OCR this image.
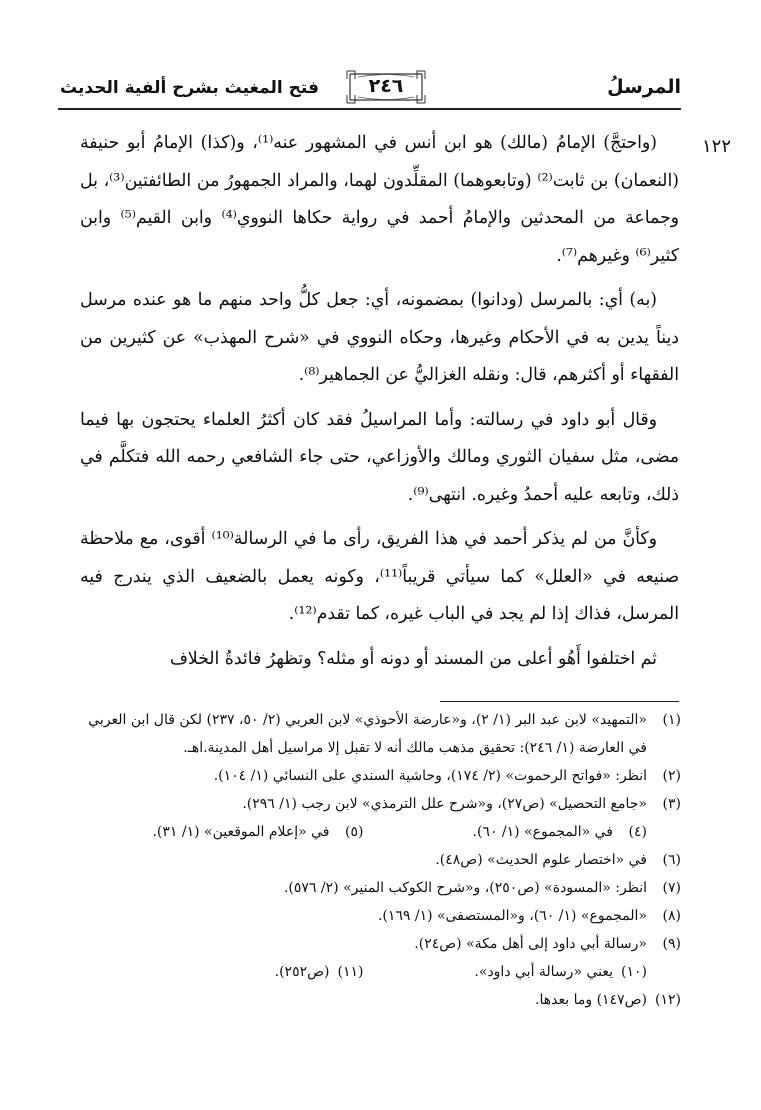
المرسلُ
٢٤٦
فتح المغيث بشرح ألفية الحديث
١٢٢

(واحتجَّ) الإمامُ (مالك) هو ابن أنس في المشهور عنه⁽¹⁾، و(كذا) الإمامُ أبو حنيفة (النعمان) بن ثابت⁽²⁾ (وتابعوهما) المقلِّدون لهما، والمراد الجمهورُ من الطائفتين⁽³⁾، بل وجماعة من المحدثين والإمامُ أحمد في رواية حكاها النووي⁽⁴⁾ وابن القيم⁽⁵⁾ وابن كثير⁽⁶⁾ وغيرهم⁽⁷⁾.

(به) أي: بالمرسل (ودانوا) بمضمونه، أي: جعل كلُّ واحد منهم ما هو عنده مرسل ديناً يدين به في الأحكام وغيرها، وحكاه النووي في «شرح المهذب» عن كثيرين من الفقهاء أو أكثرهم، قال: ونقله الغزاليُّ عن الجماهير⁽⁸⁾.

وقال أبو داود في رسالته: وأما المراسيلُ فقد كان أكثرُ العلماء يحتجون بها فيما مضى، مثل سفيان الثوري ومالك والأوزاعي، حتى جاء الشافعي رحمه الله فتكلَّم في ذلك، وتابعه عليه أحمدُ وغيره. انتهى⁽⁹⁾.

وكأنَّ من لم يذكر أحمد في هذا الفريق، رأى ما في الرسالة⁽¹⁰⁾ أقوى، مع ملاحظة صنيعه في «العلل» كما سيأتي قريباً⁽¹¹⁾، وكونه يعمل بالضعيف الذي يندرج فيه المرسل، فذاك إذا لم يجد في الباب غيره، كما تقدم⁽¹²⁾.

ثم اختلفوا أَهُو أعلى من المسند أو دونه أو مثله؟ وتظهرُ فائدةُ الخلاف

(١)
«التمهيد» لابن عبد البر (١/ ٢)، و«عارضة الأحوذي» لابن العربي (٢/ ٥٠، ٢٣٧) لكن قال ابن العربي في العارضة (١/ ٢٤٦): تحقيق مذهب مالك أنه لا تقبل إلا مراسيل أهل المدينة.اهـ.
(٢)
انظر: «فواتح الرحموت» (٢/ ١٧٤)، وحاشية السندي على النسائي (١/ ١٠٤).
(٣)
«جامع التحصيل» (ص٢٧)، و«شرح علل الترمذي» لابن رجب (١/ ٢٩٦).
(٤)
في «المجموع» (١/ ٦٠).
(٥)
في «إعلام الموقعين» (١/ ٣١).
(٦)
في «اختصار علوم الحديث» (ص٤٨).
(٧)
انظر: «المسودة» (ص٢٥٠)، و«شرح الكوكب المنير» (٢/ ٥٧٦).
(٨)
«المجموع» (١/ ٦٠)، و«المستصفى» (١/ ١٦٩).
(٩)
«رسالة أبي داود إلى أهل مكة» (ص٢٤).
(١٠)
يعني «رسالة أبي داود».
(١١)
(ص٢٥٢).
(١٢)
(ص١٤٧) وما بعدها.
